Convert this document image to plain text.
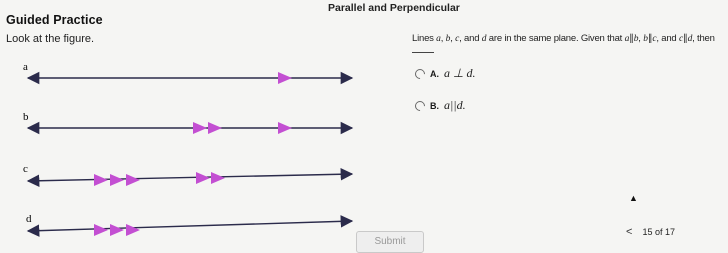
Parallel and Perpendicular
Guided Practice
Look at the figure.	Lines a, b, c, and d are in the same plane. Given that a∥b, b∥c, and c∥d, then
a
b
c
d
A. a ⊥ d.
B. a||d.
▲
Submit
< 15 of 17
